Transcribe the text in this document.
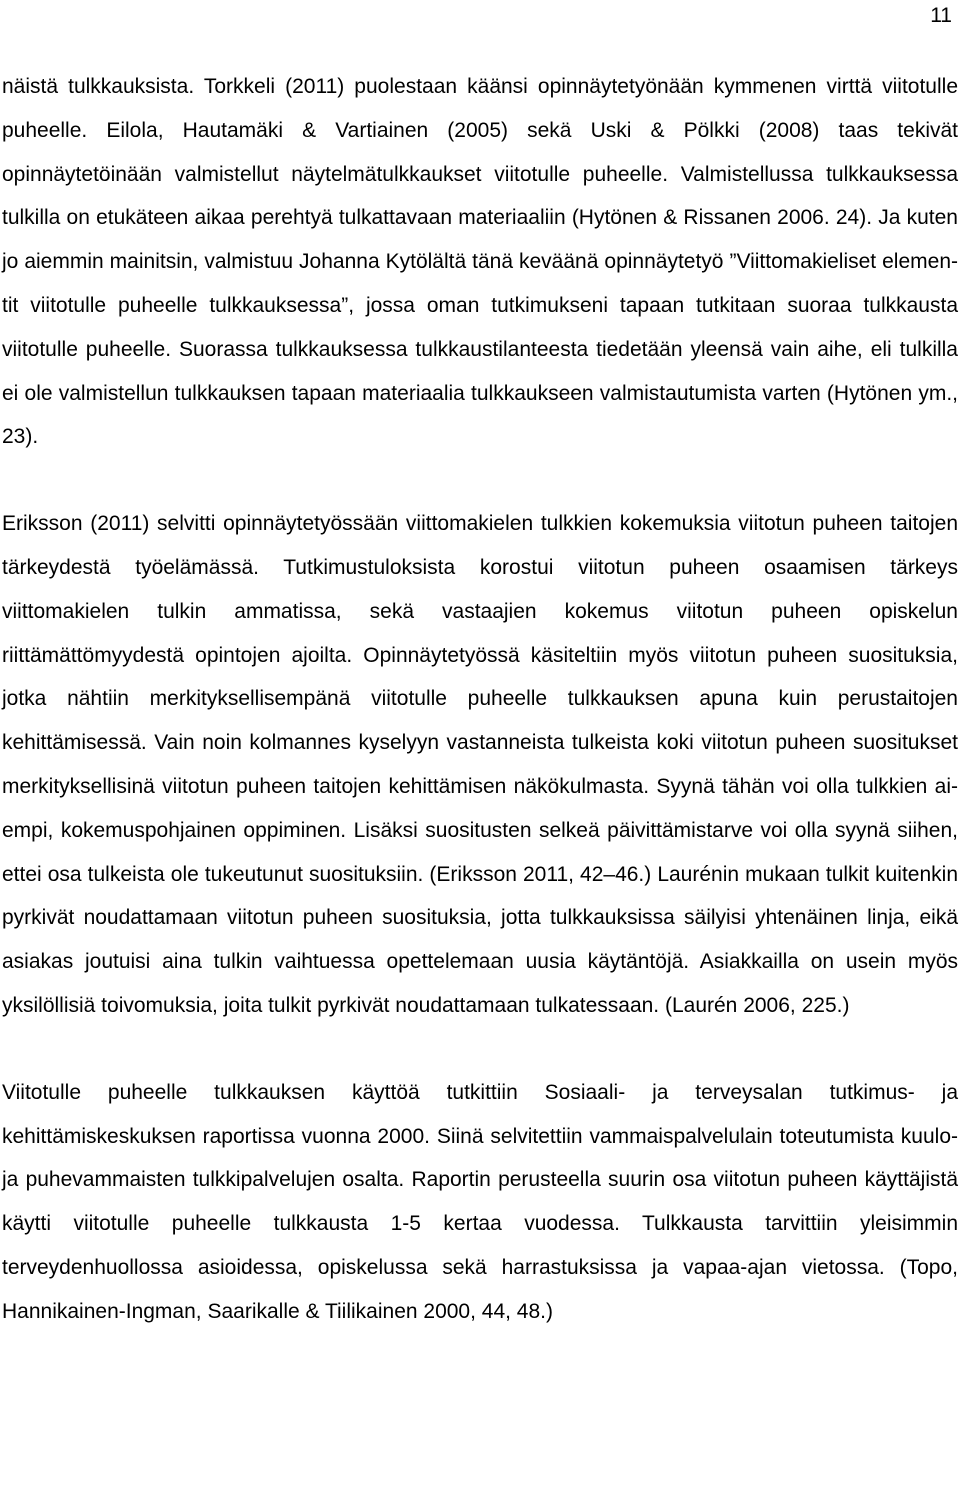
11

näistä tulkkauksista. Torkkeli (2011) puolestaan käänsi opinnäytetyönään kymmenen virttä viitotulle puheelle. Eilola, Hautamäki & Vartiainen (2005) sekä Uski & Pölkki (2008) taas tekivät opinnäytetöinään valmistellut näytelmätulkkaukset viitotulle puheelle. Valmistellussa tulkkauksessa tulkilla on etukäteen aikaa perehtyä tulkattavaan materiaaliin (Hytönen & Rissanen 2006. 24). Ja kuten jo aiemmin mainitsin, valmistuu Johanna Kytölältä tänä keväänä opinnäytetyö ”Viittomakieliset elementit viitotulle puheelle tulkkauksessa”, jossa oman tutkimukseni tapaan tutkitaan suoraa tulkkausta viitotulle puheelle. Suorassa tulkkauksessa tulkkaustilanteesta tiedetään yleensä vain aihe, eli tulkilla ei ole valmistellun tulkkauksen tapaan materiaalia tulkkaukseen valmistautumista varten (Hytönen ym., 23).

Eriksson (2011) selvitti opinnäytetyössään viittomakielen tulkkien kokemuksia viitotun puheen taitojen tärkeydestä työelämässä. Tutkimustuloksista korostui viitotun puheen osaamisen tärkeys viittomakielen tulkin ammatissa, sekä vastaajien kokemus viitotun puheen opiskelun riittämättömyydestä opintojen ajoilta. Opinnäytetyössä käsiteltiin myös viitotun puheen suosituksia, jotka nähtiin merkityksellisempänä viitotulle puheelle tulkkauksen apuna kuin perustaitojen kehittämisessä. Vain noin kolmannes kyselyyn vastanneista tulkeista koki viitotun puheen suositukset merkityksellisinä viitotun puheen taitojen kehittämisen näkökulmasta. Syynä tähän voi olla tulkkien aiempi, kokemuspohjainen oppiminen. Lisäksi suositusten selkeä päivittämistarve voi olla syynä siihen, ettei osa tulkeista ole tukeutunut suosituksiin. (Eriksson 2011, 42–46.) Laurénin mukaan tulkit kuitenkin pyrkivät noudattamaan viitotun puheen suosituksia, jotta tulkkauksissa säilyisi yhtenäinen linja, eikä asiakas joutuisi aina tulkin vaihtuessa opettelemaan uusia käytäntöjä. Asiakkailla on usein myös yksilöllisiä toivomuksia, joita tulkit pyrkivät noudattamaan tulkatessaan. (Laurén 2006, 225.)

Viitotulle puheelle tulkkauksen käyttöä tutkittiin Sosiaali- ja terveysalan tutkimus- ja kehittämiskeskuksen raportissa vuonna 2000. Siinä selvitettiin vammaispalvelulain toteutumista kuulo- ja puhevammaisten tulkkipalvelujen osalta. Raportin perusteella suurin osa viitotun puheen käyttäjistä käytti viitotulle puheelle tulkkausta 1-5 kertaa vuodessa. Tulkkausta tarvittiin yleisimmin terveydenhuollossa asioidessa, opiskelussa sekä harrastuksissa ja vapaa-ajan vietossa. (Topo, Hannikainen-Ingman, Saarikalle & Tiilikainen 2000, 44, 48.)
